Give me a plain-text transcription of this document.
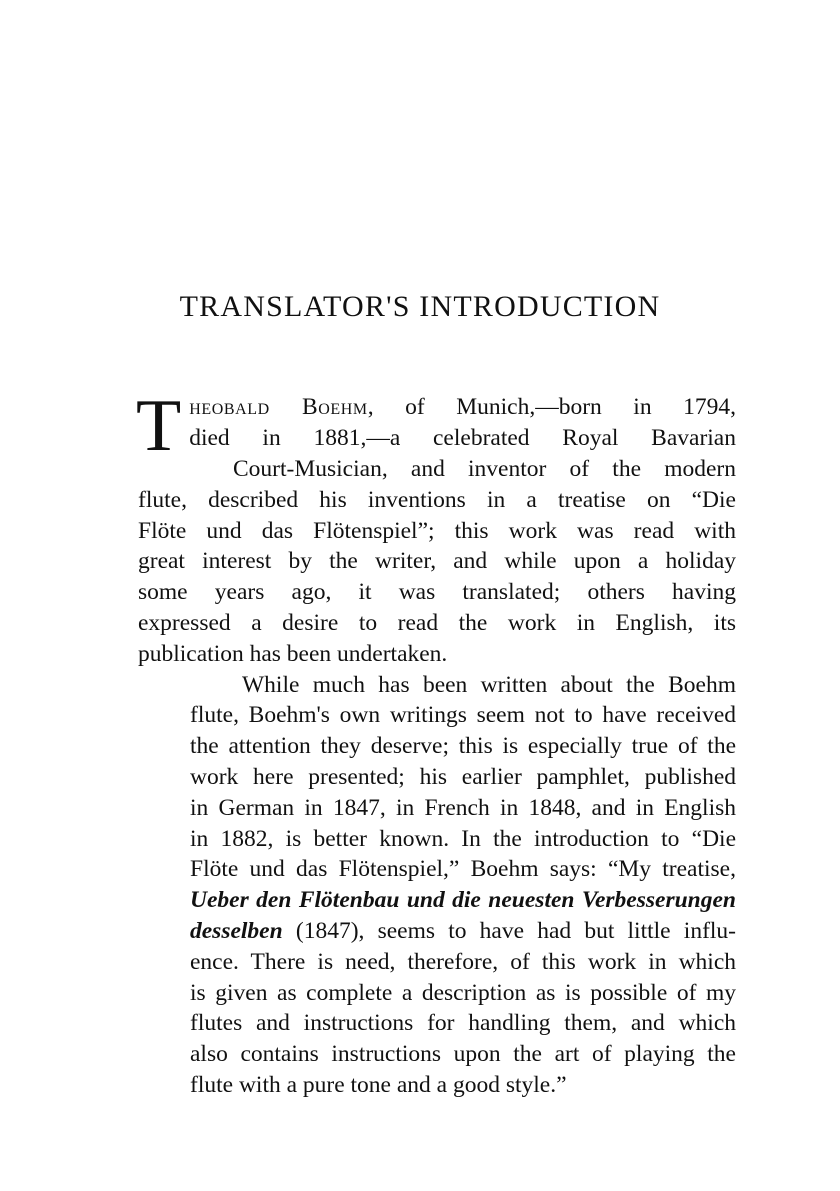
TRANSLATOR'S INTRODUCTION
T heobald Boehm, of Munich,—born in 1794,
died in 1881,—a celebrated Royal Bavarian
Court-Musician, and inventor of the modern
flute, described his inventions in a treatise on “Die
Flöte und das Flötenspiel”; this work was read with
great interest by the writer, and while upon a holiday
some years ago, it was translated; others having
expressed a desire to read the work in English, its
publication has been undertaken.
While much has been written about the Boehm
flute, Boehm's own writings seem not to have received
the attention they deserve; this is especially true of the
work here presented; his earlier pamphlet, published
in German in 1847, in French in 1848, and in English
in 1882, is better known. In the introduction to “Die
Flöte und das Flötenspiel,” Boehm says: “My treatise,
Ueber den Flötenbau und die neuesten Verbesserungen
desselben (1847), seems to have had but little influ-
ence. There is need, therefore, of this work in which
is given as complete a description as is possible of my
flutes and instructions for handling them, and which
also contains instructions upon the art of playing the
flute with a pure tone and a good style.”
